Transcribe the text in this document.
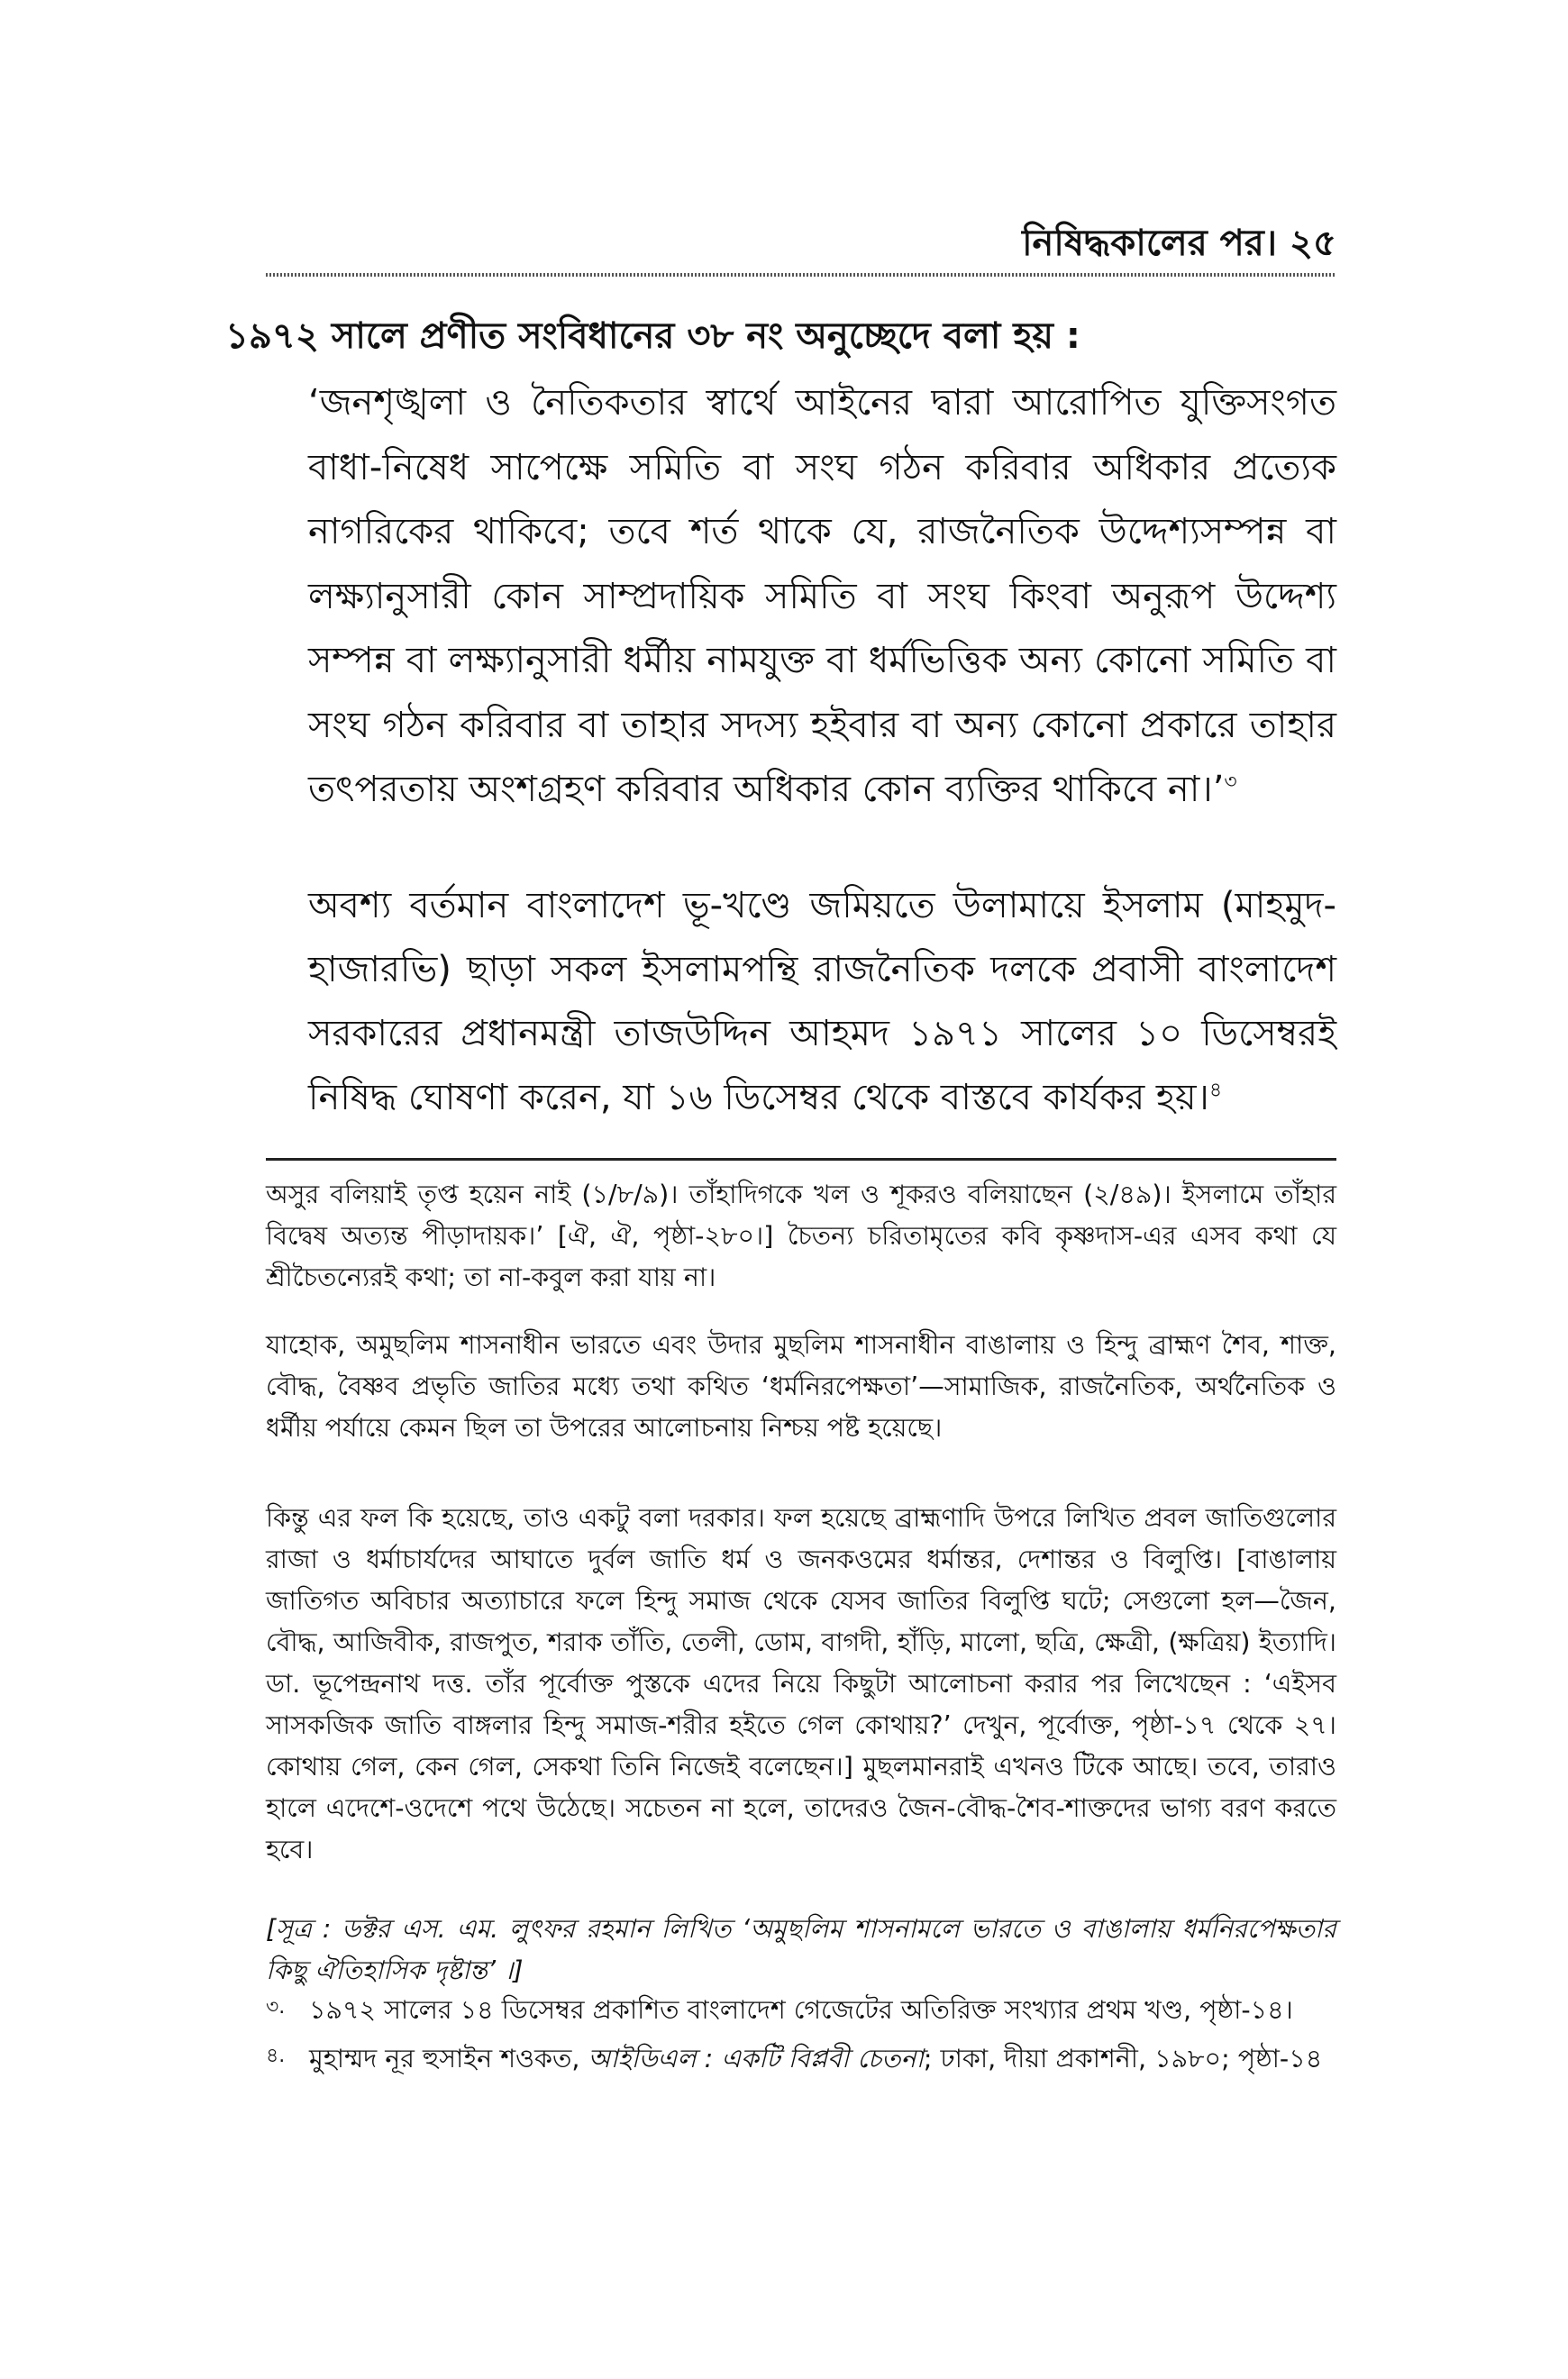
নিষিদ্ধকালের পর। ২৫

১৯৭২ সালে প্রণীত সংবিধানের ৩৮ নং অনুচ্ছেদে বলা হয় :

‘জনশৃঙ্খলা ও নৈতিকতার স্বার্থে আইনের দ্বারা আরোপিত যুক্তিসংগত বাধা-নিষেধ সাপেক্ষে সমিতি বা সংঘ গঠন করিবার অধিকার প্রত্যেক নাগরিকের থাকিবে; তবে শর্ত থাকে যে, রাজনৈতিক উদ্দেশ্যসম্পন্ন বা লক্ষ্যানুসারী কোন সাম্প্রদায়িক সমিতি বা সংঘ কিংবা অনুরূপ উদ্দেশ্য সম্পন্ন বা লক্ষ্যানুসারী ধর্মীয় নামযুক্ত বা ধর্মভিত্তিক অন্য কোনো সমিতি বা সংঘ গঠন করিবার বা তাহার সদস্য হইবার বা অন্য কোনো প্রকারে তাহার তৎপরতায় অংশগ্রহণ করিবার অধিকার কোন ব্যক্তির থাকিবে না।’$^৩$

অবশ্য বর্তমান বাংলাদেশ ভূ-খণ্ডে জমিয়তে উলামায়ে ইসলাম (মাহমুদ-হাজারভি) ছাড়া সকল ইসলামপন্থি রাজনৈতিক দলকে প্রবাসী বাংলাদেশ সরকারের প্রধানমন্ত্রী তাজউদ্দিন আহমদ ১৯৭১ সালের ১০ ডিসেম্বরই নিষিদ্ধ ঘোষণা করেন, যা ১৬ ডিসেম্বর থেকে বাস্তবে কার্যকর হয়।$^৪$

অসুর বলিয়াই তৃপ্ত হয়েন নাই (১/৮/৯)। তাঁহাদিগকে খল ও শূকরও বলিয়াছেন (২/৪৯)। ইসলামে তাঁহার বিদ্বেষ অত্যন্ত পীড়াদায়ক।’ [ঐ, ঐ, পৃষ্ঠা-২৮০।] চৈতন্য চরিতামৃতের কবি কৃষ্ণদাস-এর এসব কথা যে শ্রীচৈতন্যেরই কথা; তা না-কবুল করা যায় না।

যাহোক, অমুছলিম শাসনাধীন ভারতে এবং উদার মুছলিম শাসনাধীন বাঙালায় ও হিন্দু ব্রাহ্মণ শৈব, শাক্ত, বৌদ্ধ, বৈষ্ণব প্রভৃতি জাতির মধ্যে তথা কথিত ‘ধর্মনিরপেক্ষতা’—সামাজিক, রাজনৈতিক, অর্থনৈতিক ও ধর্মীয় পর্যায়ে কেমন ছিল তা উপরের আলোচনায় নিশ্চয় পষ্ট হয়েছে।

কিন্তু এর ফল কি হয়েছে, তাও একটু বলা দরকার। ফল হয়েছে ব্রাহ্মণাদি উপরে লিখিত প্রবল জাতিগুলোর রাজা ও ধর্মাচার্যদের আঘাতে দুর্বল জাতি ধর্ম ও জনকওমের ধর্মান্তর, দেশান্তর ও বিলুপ্তি। [বাঙালায় জাতিগত অবিচার অত্যাচারে ফলে হিন্দু সমাজ থেকে যেসব জাতির বিলুপ্তি ঘটে; সেগুলো হল—জৈন, বৌদ্ধ, আজিবীক, রাজপুত, শরাক তাঁতি, তেলী, ডোম, বাগদী, হাঁড়ি, মালো, ছত্রি, ক্ষেত্রী, (ক্ষত্রিয়) ইত্যাদি। ডা. ভূপেন্দ্রনাথ দত্ত. তাঁর পূর্বোক্ত পুস্তকে এদের নিয়ে কিছুটা আলোচনা করার পর লিখেছেন : ‘এইসব সাসকজিক জাতি বাঙ্গলার হিন্দু সমাজ-শরীর হইতে গেল কোথায়?’ দেখুন, পূর্বোক্ত, পৃষ্ঠা-১৭ থেকে ২৭। কোথায় গেল, কেন গেল, সেকথা তিনি নিজেই বলেছেন।] মুছলমানরাই এখনও টিকে আছে। তবে, তারাও হালে এদেশে-ওদেশে পথে উঠেছে। সচেতন না হলে, তাদেরও জৈন-বৌদ্ধ-শৈব-শাক্তদের ভাগ্য বরণ করতে হবে।

[সূত্র : ডক্টর এস. এম. লুৎফর রহমান লিখিত ‘অমুছলিম শাসনামলে ভারতে ও বাঙালায় ধর্মনিরপেক্ষতার কিছু ঐতিহাসিক দৃষ্টান্ত’ ।]

৩. ১৯৭২ সালের ১৪ ডিসেম্বর প্রকাশিত বাংলাদেশ গেজেটের অতিরিক্ত সংখ্যার প্রথম খণ্ড, পৃষ্ঠা-১৪।
৪. মুহাম্মদ নূর হুসাইন শওকত, আইডিএল : একটি বিপ্লবী চেতনা; ঢাকা, দীয়া প্রকাশনী, ১৯৮০; পৃষ্ঠা-১৪
